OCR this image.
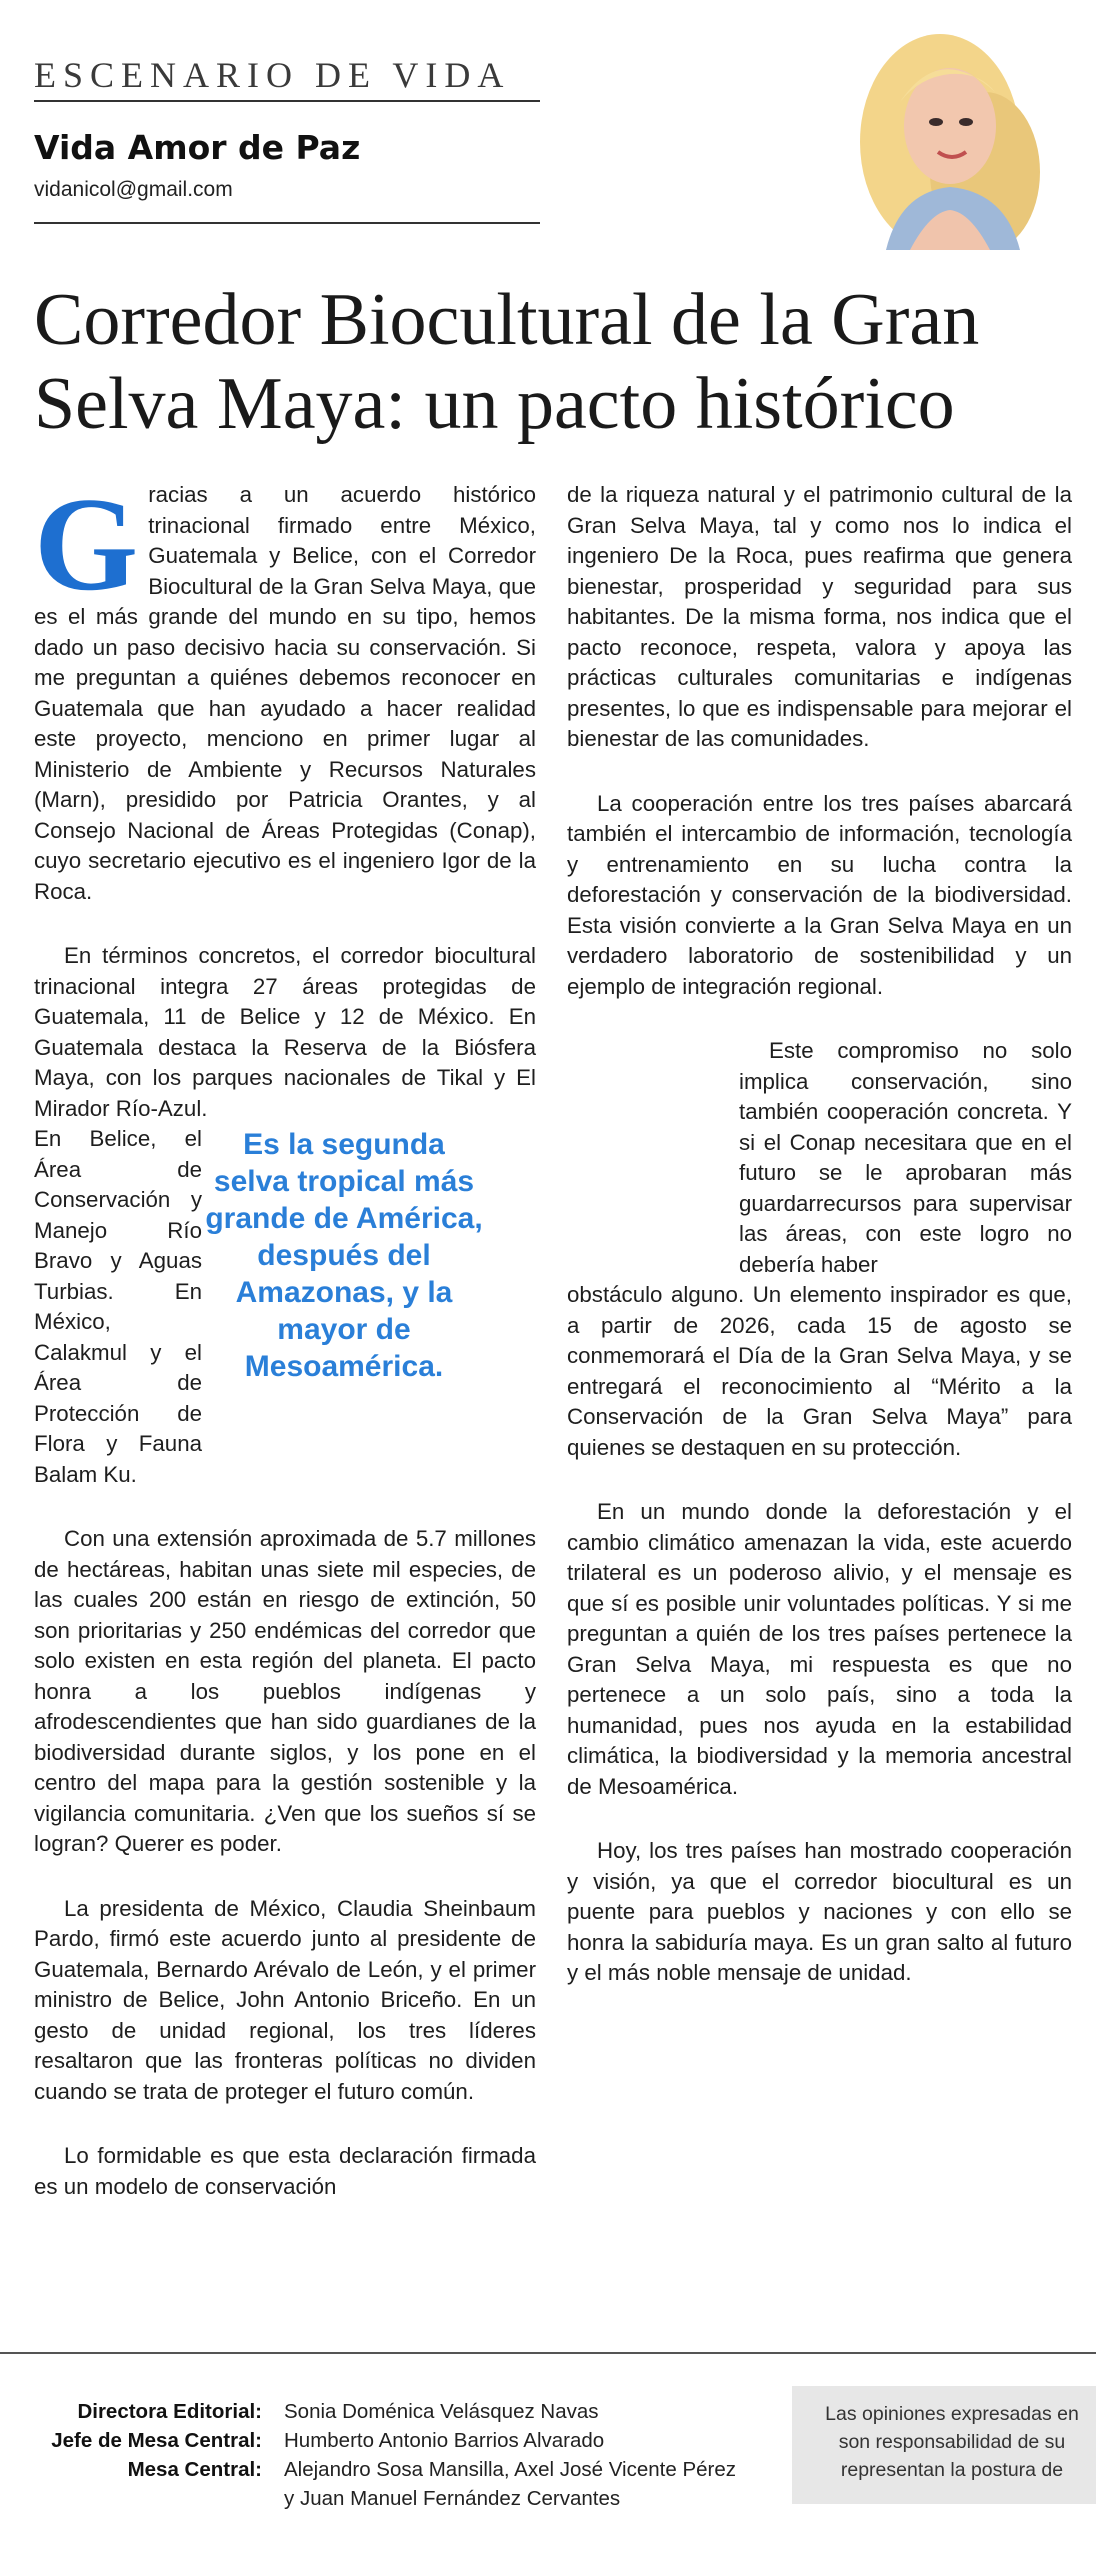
ESCENARIO DE VIDA
Vida Amor de Paz
vidanicol@gmail.com
Corredor Biocultural de la Gran
Selva Maya: un pacto histórico

Gracias a un acuerdo histórico trinacional firmado entre México, Guatemala y Belice, con el Corredor Biocultural de la Gran Selva Maya, que es el más grande del mundo en su tipo, hemos dado un paso decisivo hacia su conservación. Si me preguntan a quiénes debemos reconocer en Guatemala que han ayudado a hacer realidad este proyecto, menciono en primer lugar al Ministerio de Ambiente y Recursos Naturales (Marn), presidido por Patricia Orantes, y al Consejo Nacional de Áreas Protegidas (Conap), cuyo secretario ejecutivo es el ingeniero Igor de la Roca.

En términos concretos, el corredor biocultural trinacional integra 27 áreas protegidas de Guatemala, 11 de Belice y 12 de México. En Guatemala destaca la Reserva de la Biósfera Maya, con los parques nacionales de Tikal y El Mirador Río-Azul.

Es la segunda selva tropical más grande de América, después del Amazonas, y la mayor de Mesoamérica.

En Belice, el Área de Conservación y Manejo Río Bravo y Aguas Turbias. En México, Calakmul y el Área de Protección de Flora y Fauna Balam Ku.

Con una extensión aproximada de 5.7 millones de hectáreas, habitan unas siete mil especies, de las cuales 200 están en riesgo de extinción, 50 son prioritarias y 250 endémicas del corredor que solo existen en esta región del planeta. El pacto honra a los pueblos indígenas y afrodescendientes que han sido guardianes de la biodiversidad durante siglos, y los pone en el centro del mapa para la gestión sostenible y la vigilancia comunitaria. ¿Ven que los sueños sí se logran? Querer es poder.

La presidenta de México, Claudia Sheinbaum Pardo, firmó este acuerdo junto al presidente de Guatemala, Bernardo Arévalo de León, y el primer ministro de Belice, John Antonio Briceño. En un gesto de unidad regional, los tres líderes resaltaron que las fronteras políticas no dividen cuando se trata de proteger el futuro común.

Lo formidable es que esta declaración firmada es un modelo de conservación

de la riqueza natural y el patrimonio cultural de la Gran Selva Maya, tal y como nos lo indica el ingeniero De la Roca, pues reafirma que genera bienestar, prosperidad y seguridad para sus habitantes. De la misma forma, nos indica que el pacto reconoce, respeta, valora y apoya las prácticas culturales comunitarias e indígenas presentes, lo que es indispensable para mejorar el bienestar de las comunidades.

La cooperación entre los tres países abarcará también el intercambio de información, tecnología y entrenamiento en su lucha contra la deforestación y conservación de la biodiversidad. Esta visión convierte a la Gran Selva Maya en un verdadero laboratorio de sostenibilidad y un ejemplo de integración regional.

Este compromiso no solo implica conservación, sino también cooperación concreta. Y si el Conap necesitara que en el futuro se le aprobaran más guardarrecursos para supervisar las áreas, con este logro no debería haber

obstáculo alguno. Un elemento inspirador es que, a partir de 2026, cada 15 de agosto se conmemorará el Día de la Gran Selva Maya, y se entregará el reconocimiento al “Mérito a la Conservación de la Gran Selva Maya” para quienes se destaquen en su protección.

En un mundo donde la deforestación y el cambio climático amenazan la vida, este acuerdo trilateral es un poderoso alivio, y el mensaje es que sí es posible unir voluntades políticas. Y si me preguntan a quién de los tres países pertenece la Gran Selva Maya, mi respuesta es que no pertenece a un solo país, sino a toda la humanidad, pues nos ayuda en la estabilidad climática, la biodiversidad y la memoria ancestral de Mesoamérica.

Hoy, los tres países han mostrado cooperación y visión, ya que el corredor biocultural es un puente para pueblos y naciones y con ello se honra la sabiduría maya. Es un gran salto al futuro y el más noble mensaje de unidad.

Directora Editorial:	Sonia Doménica Velásquez Navas
Jefe de Mesa Central:	Humberto Antonio Barrios Alvarado
Mesa Central:	Alejandro Sosa Mansilla, Axel José Vicente Pérez
y Juan Manuel Fernández Cervantes
Las opiniones expresadas en
son responsabilidad de su
representan la postura de
